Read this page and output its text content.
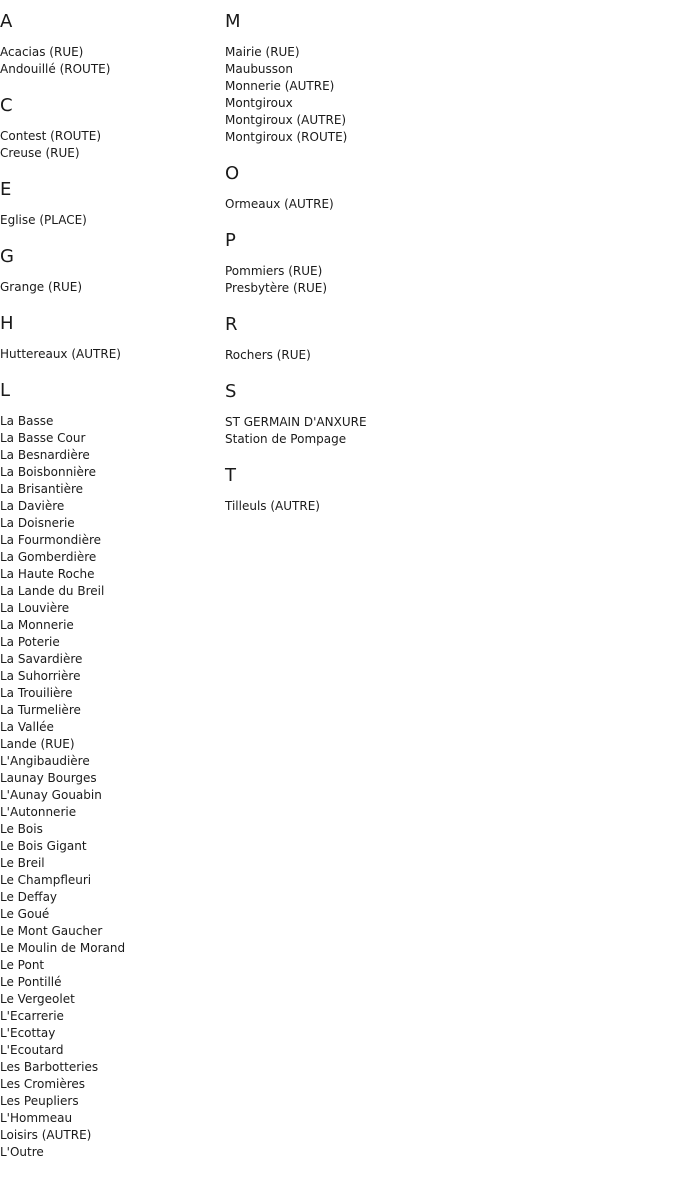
A
Acacias (RUE)
Andouillé (ROUTE)
C
Contest (ROUTE)
Creuse (RUE)
E
Eglise (PLACE)
G
Grange (RUE)
H
Huttereaux (AUTRE)
L
La Basse
La Basse Cour
La Besnardière
La Boisbonnière
La Brisantière
La Davière
La Doisnerie
La Fourmondière
La Gomberdière
La Haute Roche
La Lande du Breil
La Louvière
La Monnerie
La Poterie
La Savardière
La Suhorrière
La Trouilière
La Turmelière
La Vallée
Lande (RUE)
L'Angibaudière
Launay Bourges
L'Aunay Gouabin
L'Autonnerie
Le Bois
Le Bois Gigant
Le Breil
Le Champfleuri
Le Deffay
Le Goué
Le Mont Gaucher
Le Moulin de Morand
Le Pont
Le Pontillé
Le Vergeolet
L'Ecarrerie
L'Ecottay
L'Ecoutard
Les Barbotteries
Les Cromières
Les Peupliers
L'Hommeau
Loisirs (AUTRE)
L'Outre
M
Mairie (RUE)
Maubusson
Monnerie (AUTRE)
Montgiroux
Montgiroux (AUTRE)
Montgiroux (ROUTE)
O
Ormeaux (AUTRE)
P
Pommiers (RUE)
Presbytère (RUE)
R
Rochers (RUE)
S
ST GERMAIN D'ANXURE
Station de Pompage
T
Tilleuls (AUTRE)
